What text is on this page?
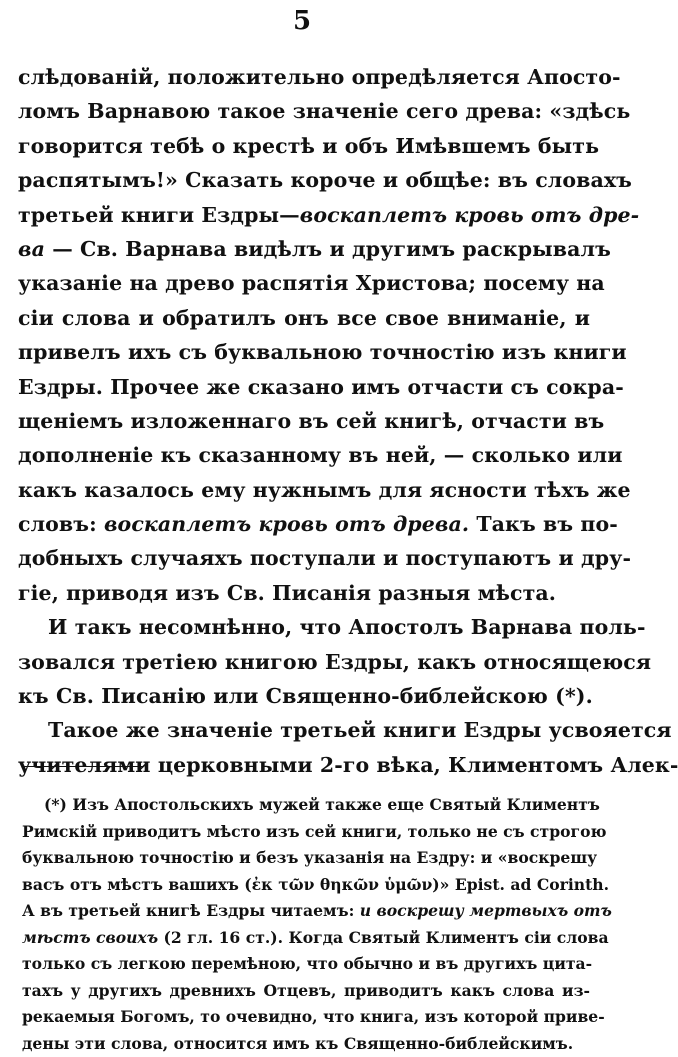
5
слѣдованій, положительно опредѣляется Апосто-
ломъ Варнавою такое значеніе сего древа: «здѣсь
говорится тебѣ о крестѣ и объ Имѣвшемъ быть
распятымъ!» Сказать короче и общѣе: въ словахъ
третьей книги Ездры—воскаплетъ кровь отъ дре-
ва — Св. Варнава видѣлъ и другимъ раскрывалъ
указаніе на древо распятія Христова; посему на
сіи слова и обратилъ онъ все свое вниманіе, и
привелъ ихъ съ буквальною точностію изъ книги
Ездры. Прочее же сказано имъ отчасти съ сокра-
щеніемъ изложеннаго въ сей книгѣ, отчасти въ
дополненіе къ сказанному въ ней, — сколько или
какъ казалось ему нужнымъ для ясности тѣхъ же
словъ: воскаплетъ кровь отъ древа. Такъ въ по-
добныхъ случаяхъ поступали и поступаютъ и дру-
гіе, приводя изъ Св. Писанія разныя мѣста.
И такъ несомнѣнно, что Апостолъ Варнава поль-
зовался третіею книгою Ездры, какъ относящеюся
къ Св. Писанію или Священно-библейскою (*).
Такое же значеніе третьей книги Ездры усвояется
учителями церковными 2-го вѣка, Климентомъ Алек-
(*) Изъ Апостольскихъ мужей также еще Святый Климентъ
Римскій приводитъ мѣсто изъ сей книги, только не съ строгою
буквальною точностію и безъ указанія на Ездру: и «воскрешу
васъ отъ мѣстъ вашихъ (ἐκ τῶν θηκῶν ὑμῶν)» Epist. ad Corinth.
А въ третьей книгѣ Ездры читаемъ: и воскрешу мертвыхъ отъ
мѣстъ своихъ (2 гл. 16 ст.). Когда Святый Климентъ сіи слова
только съ легкою перемѣною, что обычно и въ другихъ цита-
тахъ у другихъ древнихъ Отцевъ, приводитъ какъ слова из-
рекаемыя Богомъ, то очевидно, что книга, изъ которой приве-
дены эти слова, относится имъ къ Священно-библейскимъ.
